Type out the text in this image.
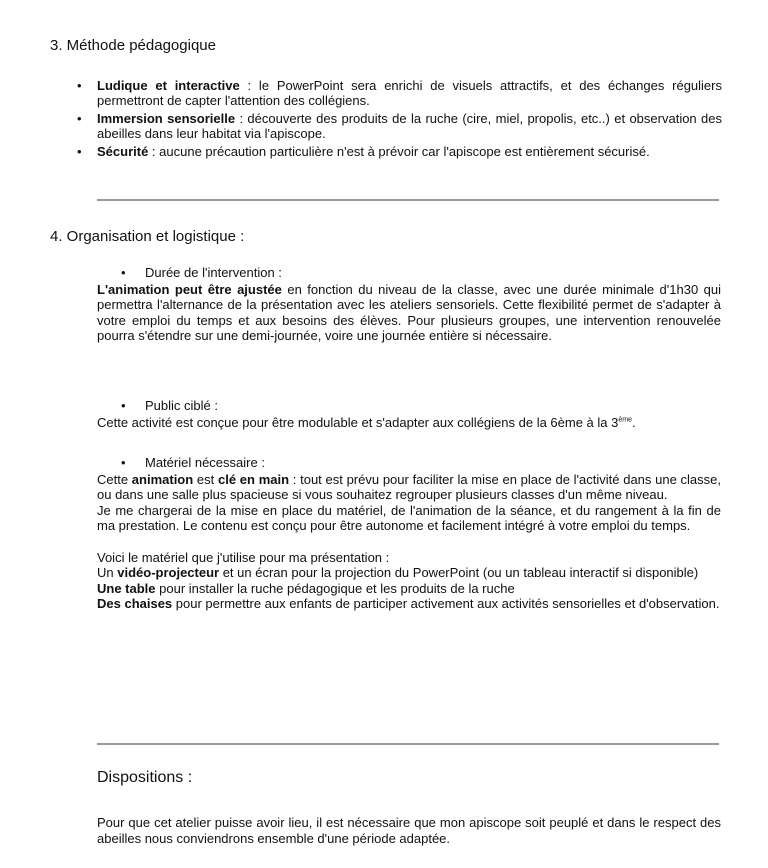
3. Méthode pédagogique
• Ludique et interactive : le PowerPoint sera enrichi de visuels attractifs, et des échanges réguliers permettront de capter l'attention des collégiens.
• Immersion sensorielle : découverte des produits de la ruche (cire, miel, propolis, etc..) et observation des abeilles dans leur habitat via l'apiscope.
• Sécurité : aucune précaution particulière n'est à prévoir car l'apiscope est entièrement sécurisé.
4. Organisation et logistique :
• Durée de l'intervention :

L'animation peut être ajustée en fonction du niveau de la classe, avec une durée minimale d'1h30 qui permettra l'alternance de la présentation avec les ateliers sensoriels. Cette flexibilité permet de s'adapter à votre emploi du temps et aux besoins des élèves. Pour plusieurs groupes, une intervention renouvelée pourra s'étendre sur une demi-journée, voire une journée entière si nécessaire.

• Public ciblé :

Cette activité est conçue pour être modulable et s'adapter aux collégiens de la 6ème à la 3ème.

• Matériel nécessaire :

Cette animation est clé en main : tout est prévu pour faciliter la mise en place de l'activité dans une classe, ou dans une salle plus spacieuse si vous souhaitez regrouper plusieurs classes d'un même niveau.

Je me chargerai de la mise en place du matériel, de l'animation de la séance, et du rangement à la fin de ma prestation. Le contenu est conçu pour être autonome et facilement intégré à votre emploi du temps.

Voici le matériel que j'utilise pour ma présentation :

Un vidéo-projecteur et un écran pour la projection du PowerPoint (ou un tableau interactif si disponible)

Une table pour installer la ruche pédagogique et les produits de la ruche

Des chaises pour permettre aux enfants de participer activement aux activités sensorielles et d'observation.

Dispositions :
Pour que cet atelier puisse avoir lieu, il est nécessaire que mon apiscope soit peuplé et dans le respect des abeilles nous conviendrons ensemble d'une période adaptée.
